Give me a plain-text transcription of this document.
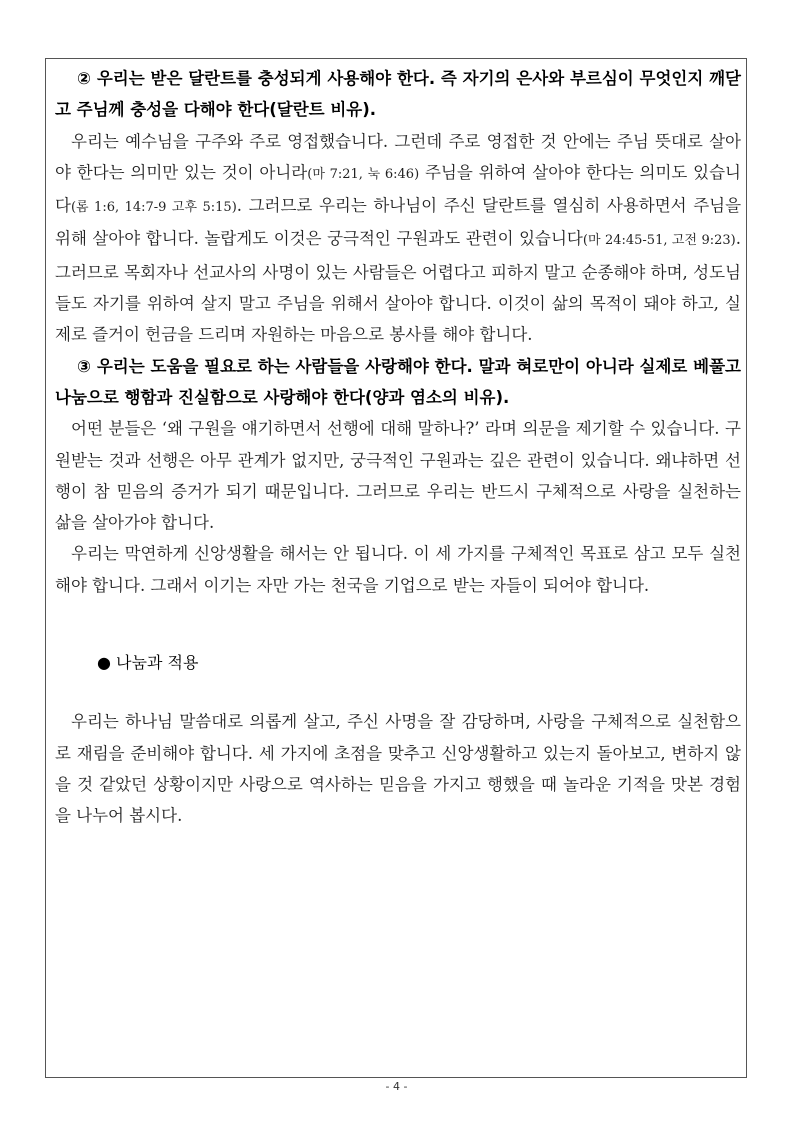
② 우리는 받은 달란트를 충성되게 사용해야 한다. 즉 자기의 은사와 부르심이 무엇인지 깨닫고 주님께 충성을 다해야 한다(달란트 비유).

우리는 예수님을 구주와 주로 영접했습니다. 그런데 주로 영접한 것 안에는 주님 뜻대로 살아야 한다는 의미만 있는 것이 아니라(마 7:21, 눅 6:46) 주님을 위하여 살아야 한다는 의미도 있습니다(롬 1:6, 14:7-9 고후 5:15). 그러므로 우리는 하나님이 주신 달란트를 열심히 사용하면서 주님을 위해 살아야 합니다. 놀랍게도 이것은 궁극적인 구원과도 관련이 있습니다(마 24:45-51, 고전 9:23). 그러므로 목회자나 선교사의 사명이 있는 사람들은 어렵다고 피하지 말고 순종해야 하며, 성도님들도 자기를 위하여 살지 말고 주님을 위해서 살아야 합니다. 이것이 삶의 목적이 돼야 하고, 실제로 즐거이 헌금을 드리며 자원하는 마음으로 봉사를 해야 합니다.

③ 우리는 도움을 필요로 하는 사람들을 사랑해야 한다. 말과 혀로만이 아니라 실제로 베풀고 나눔으로 행함과 진실함으로 사랑해야 한다(양과 염소의 비유).

어떤 분들은 ‘왜 구원을 얘기하면서 선행에 대해 말하나?’ 라며 의문을 제기할 수 있습니다. 구원받는 것과 선행은 아무 관계가 없지만, 궁극적인 구원과는 깊은 관련이 있습니다. 왜냐하면 선행이 참 믿음의 증거가 되기 때문입니다. 그러므로 우리는 반드시 구체적으로 사랑을 실천하는 삶을 살아가야 합니다.

우리는 막연하게 신앙생활을 해서는 안 됩니다. 이 세 가지를 구체적인 목표로 삼고 모두 실천해야 합니다. 그래서 이기는 자만 가는 천국을 기업으로 받는 자들이 되어야 합니다.

● 나눔과 적용

우리는 하나님 말씀대로 의롭게 살고, 주신 사명을 잘 감당하며, 사랑을 구체적으로 실천함으로 재림을 준비해야 합니다. 세 가지에 초점을 맞추고 신앙생활하고 있는지 돌아보고, 변하지 않을 것 같았던 상황이지만 사랑으로 역사하는 믿음을 가지고 행했을 때 놀라운 기적을 맛본 경험을 나누어 봅시다.

- 4 -
